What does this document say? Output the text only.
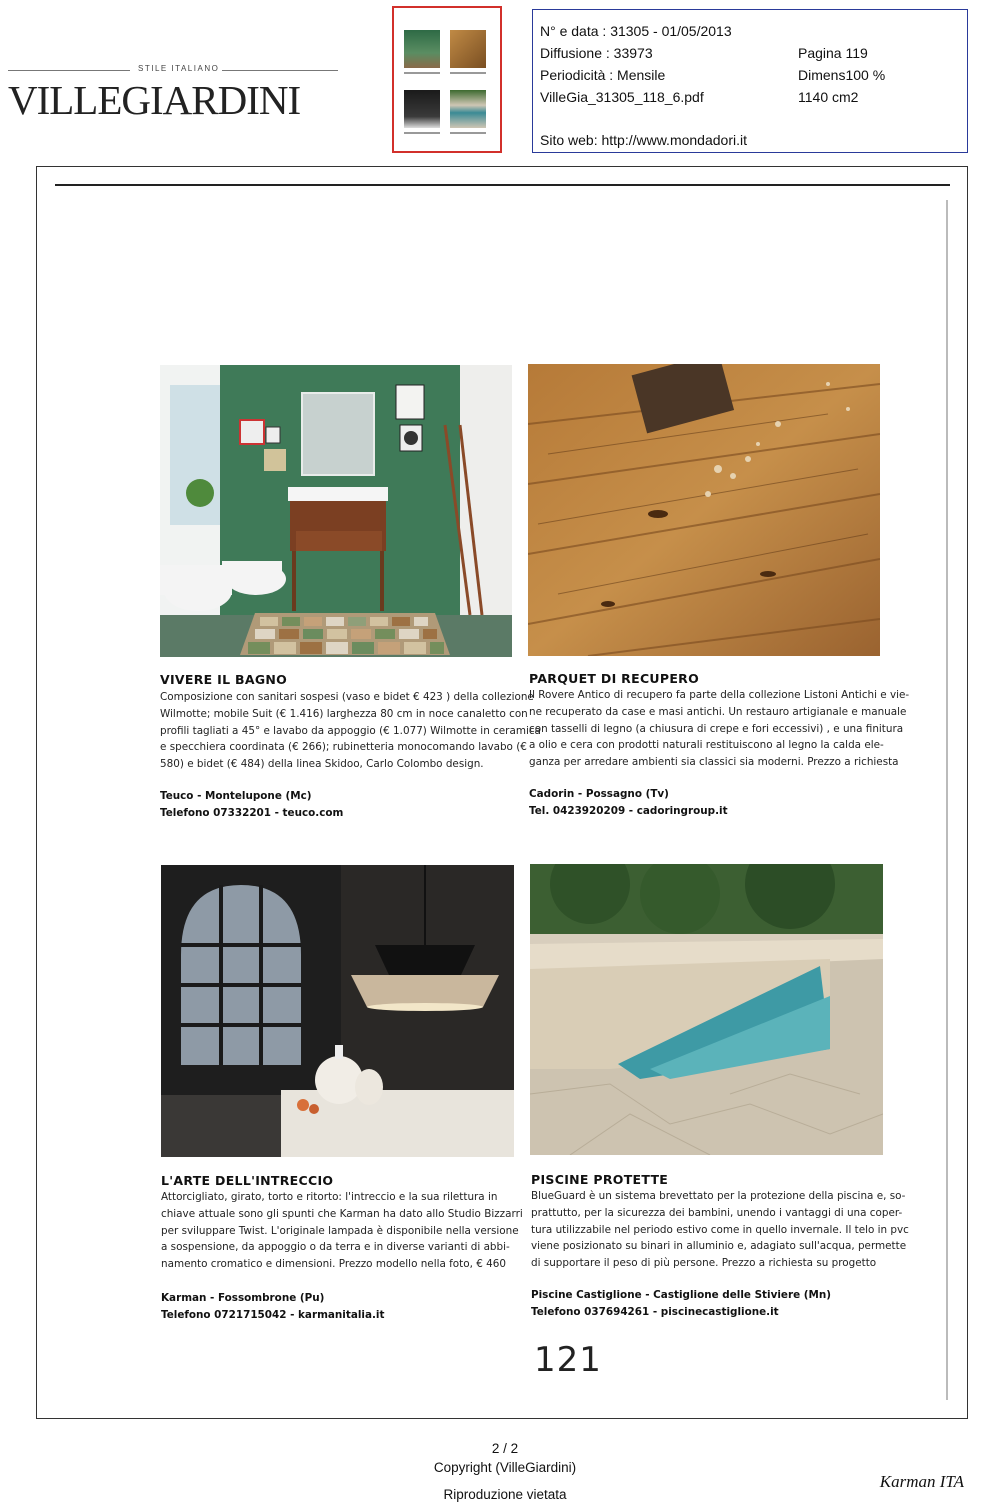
STILE ITALIANO
VILLEGIARDINI
N° e data : 31305 - 01/05/2013
Diffusione : 33973
Periodicità : Mensile
VilleGia_31305_118_6.pdf
Pagina 119
Dimens100 %
1140 cm2
Sito web: http://www.mondadori.it
VIVERE IL BAGNO
Composizione con sanitari sospesi (vaso e bidet € 423 ) della collezione
Wilmotte; mobile Suit (€ 1.416) larghezza 80 cm in noce canaletto con
profili tagliati a 45° e lavabo da appoggio (€ 1.077) Wilmotte in ceramica
e specchiera coordinata (€ 266); rubinetteria monocomando lavabo (€
580) e bidet (€ 484) della linea Skidoo, Carlo Colombo design.
Teuco - Montelupone (Mc)
Telefono 07332201 - teuco.com
PARQUET DI RECUPERO
Il Rovere Antico di recupero fa parte della collezione Listoni Antichi e vie-
ne recuperato da case e masi antichi. Un restauro artigianale e manuale
con tasselli di legno (a chiusura di crepe e fori eccessivi) , e una finitura
a olio e cera con prodotti naturali restituiscono al legno la calda ele-
ganza per arredare ambienti sia classici sia moderni. Prezzo a richiesta
Cadorin - Possagno (Tv)
Tel. 0423920209 - cadoringroup.it
L'ARTE DELL'INTRECCIO
Attorcigliato, girato, torto e ritorto: l'intreccio e la sua rilettura in
chiave attuale sono gli spunti che Karman ha dato allo Studio Bizzarri
per sviluppare Twist. L'originale lampada è disponibile nella versione
a sospensione, da appoggio o da terra e in diverse varianti di abbi-
namento cromatico e dimensioni. Prezzo modello nella foto, € 460
Karman - Fossombrone (Pu)
Telefono 0721715042 - karmanitalia.it
PISCINE PROTETTE
BlueGuard è un sistema brevettato per la protezione della piscina e, so-
prattutto, per la sicurezza dei bambini, unendo i vantaggi di una coper-
tura utilizzabile nel periodo estivo come in quello invernale. Il telo in pvc
viene posizionato su binari in alluminio e, adagiato sull'acqua, permette
di supportare il peso di più persone. Prezzo a richiesta su progetto
Piscine Castiglione - Castiglione delle Stiviere (Mn)
Telefono 037694261 - piscinecastiglione.it
121
2 / 2
Copyright (VilleGiardini)
Riproduzione vietata
Karman ITA
